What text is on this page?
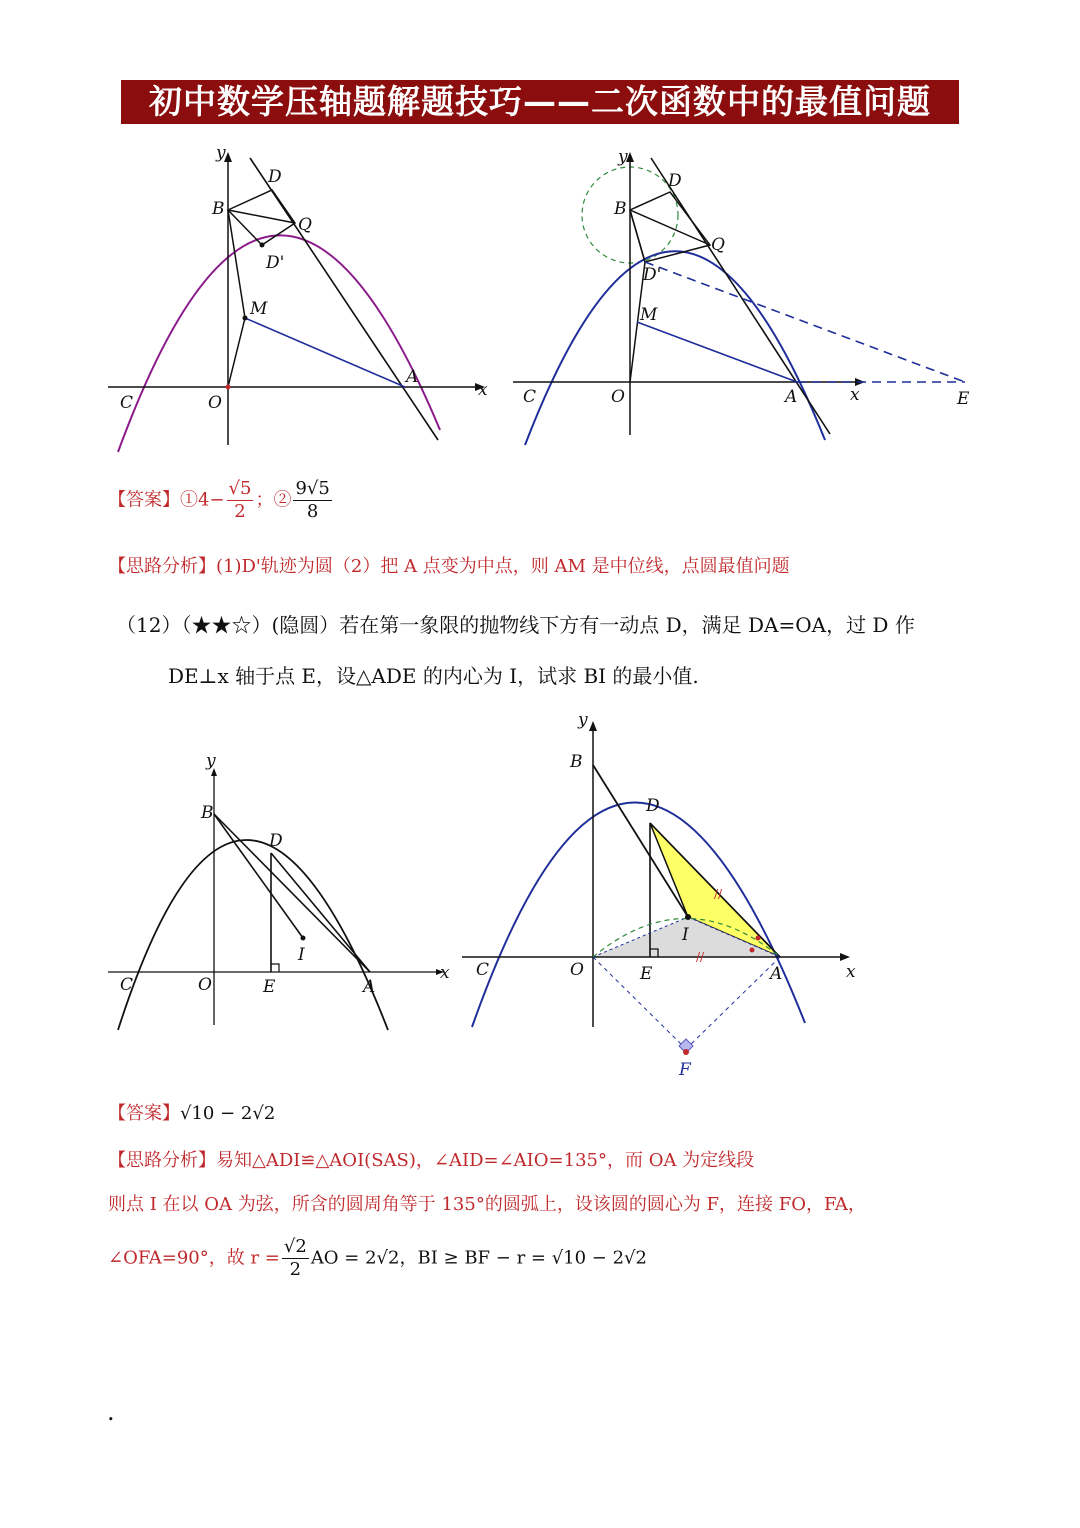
初中数学压轴题解题技巧——二次函数中的最值问题
y
x
D
B
Q
D'
M
C	O
A
y
x
D
B
Q
D'
M
C	O	A	E
【答案】①4− $\frac{√5}{2}$ ；② $\frac{9√5}{8}$
【思路分析】(1)D'轨迹为圆（2）把 A 点变为中点，则 AM 是中位线，点圆最值问题
（12）（★★☆）(隐圆）若在第一象限的抛物线下方有一动点 D，满足 DA=OA，过 D 作
DE⊥x 轴于点 E，设△ADE 的内心为 I，试求 BI 的最小值.
y
x
B
D
I
C	O	E	A
//
//
y
x
B
D
I
C	O	E	A
F
【答案】√10 − 2√2
【思路分析】易知△ADI≌△AOI(SAS)，∠AID=∠AIO=135°，而 OA 为定线段
则点 I 在以 OA 为弦，所含的圆周角等于 135°的圆弧上，设该圆的圆心为 F，连接 FO，FA，
∠OFA=90°，故 $r = \frac{√2}{2}$ AO = 2√2，BI ≥ BF − r = √10 − 2√2
.
